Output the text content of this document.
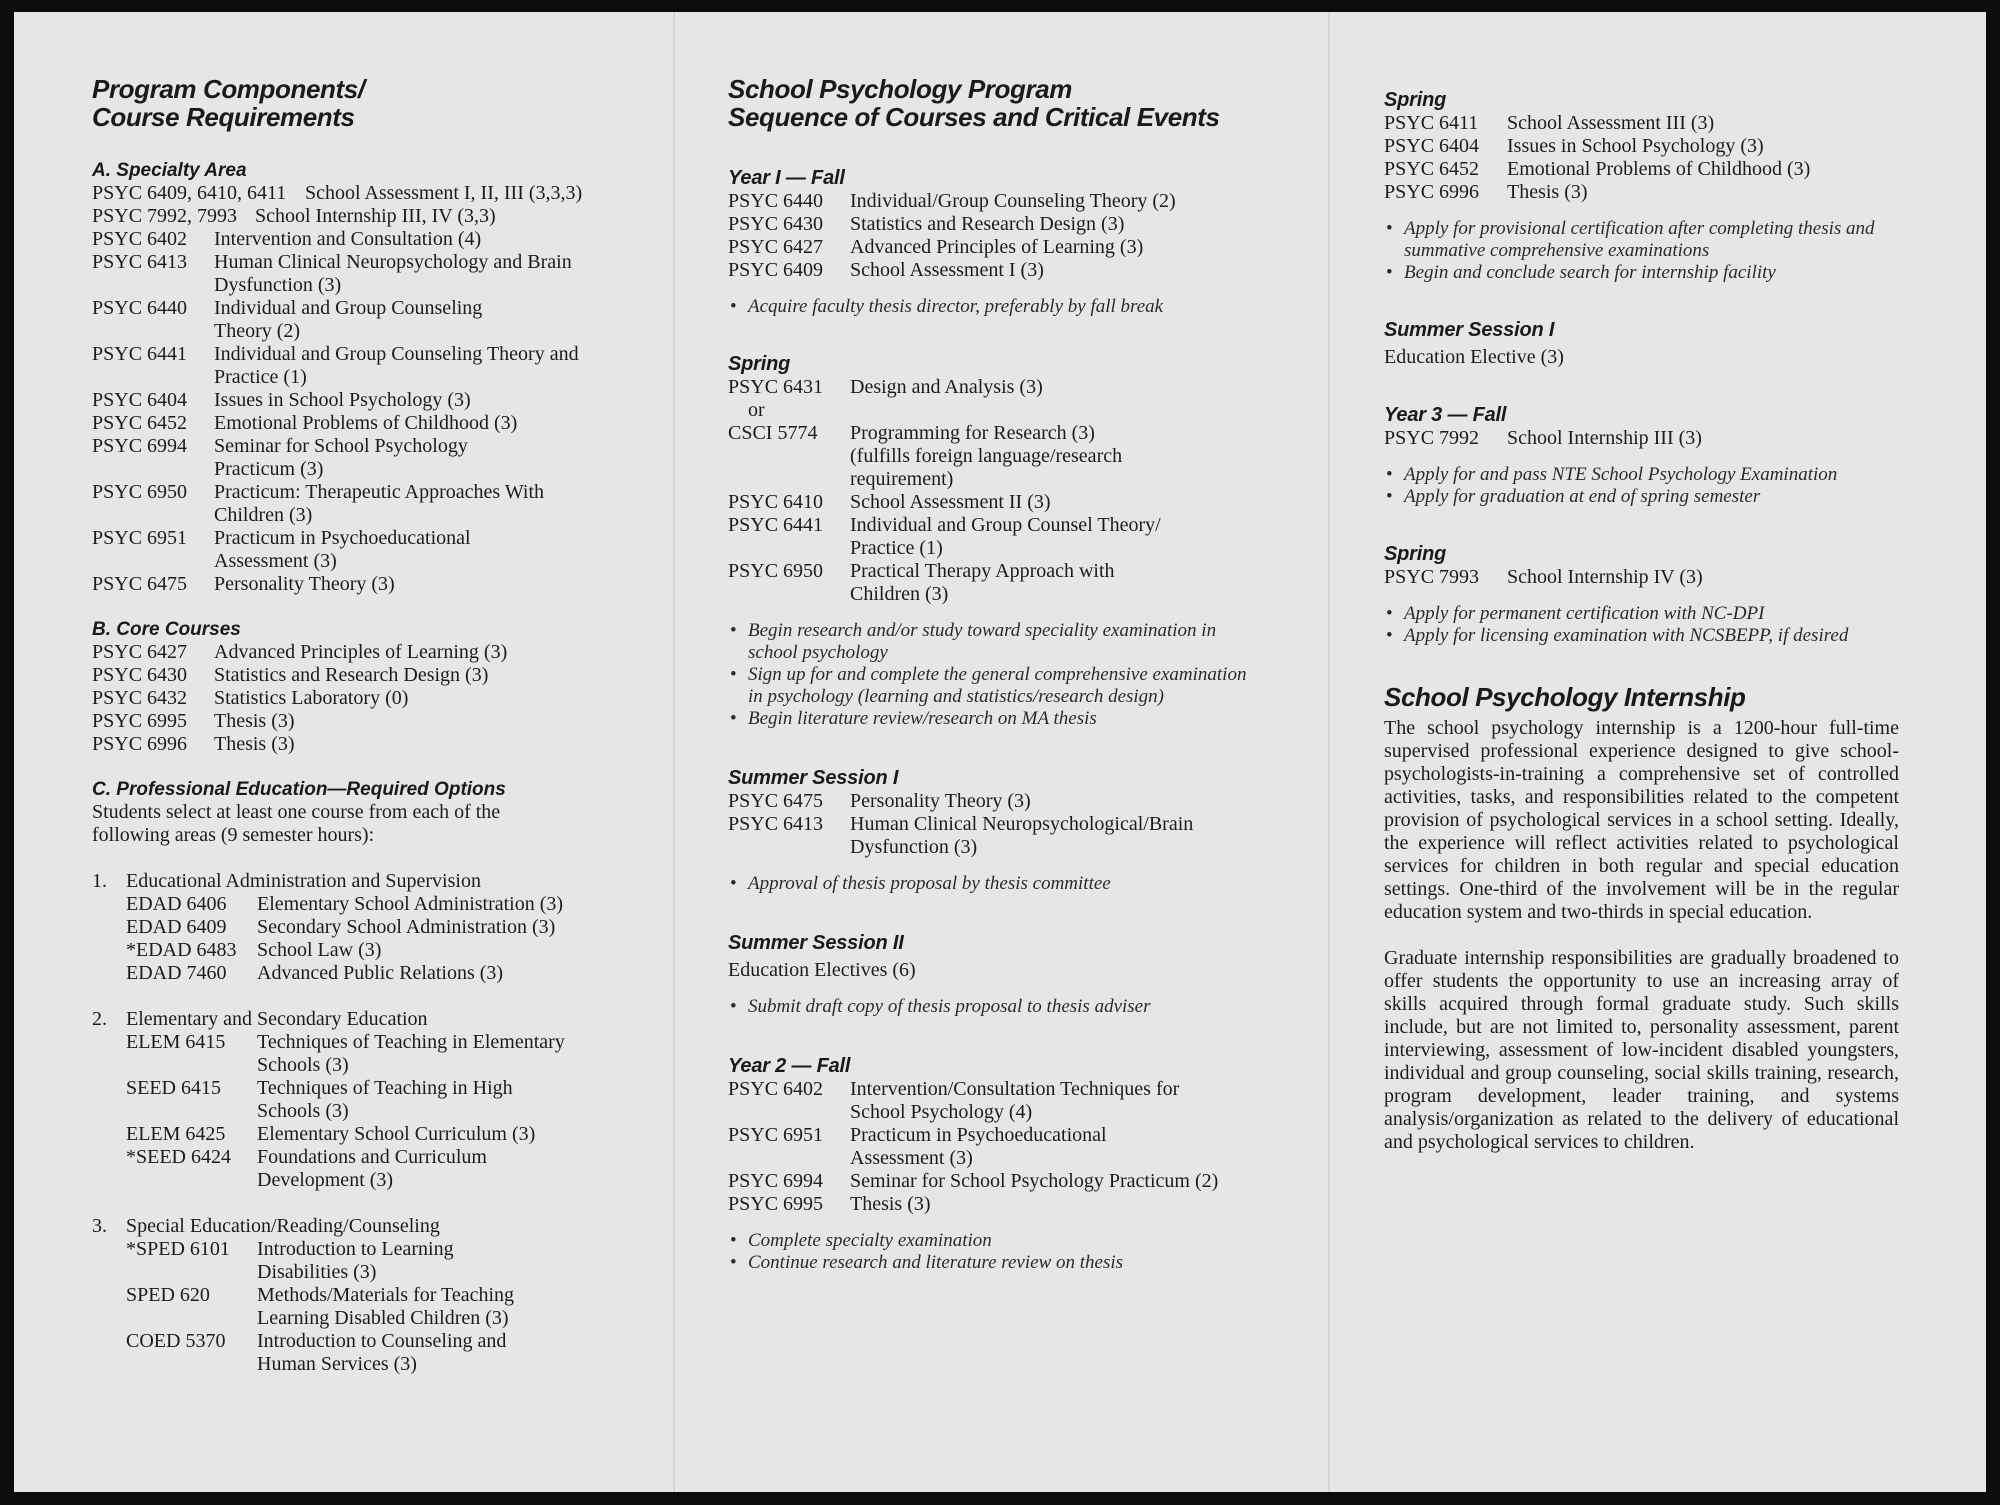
Program Components/
Course Requirements
A. Specialty Area
PSYC 6409, 6410, 6411 School Assessment I, II, III (3,3,3)
PSYC 7992, 7993 School Internship III, IV (3,3)
PSYC 6402	Intervention and Consultation (4)
PSYC 6413	Human Clinical Neuropsychology and Brain Dysfunction (3)
PSYC 6440	Individual and Group Counseling Theory (2)
PSYC 6441	Individual and Group Counseling Theory and Practice (1)
PSYC 6404	Issues in School Psychology (3)
PSYC 6452	Emotional Problems of Childhood (3)
PSYC 6994	Seminar for School Psychology Practicum (3)
PSYC 6950	Practicum: Therapeutic Approaches With Children (3)
PSYC 6951	Practicum in Psychoeducational Assessment (3)
PSYC 6475	Personality Theory (3)
B. Core Courses
PSYC 6427	Advanced Principles of Learning (3)
PSYC 6430	Statistics and Research Design (3)
PSYC 6432	Statistics Laboratory (0)
PSYC 6995	Thesis (3)
PSYC 6996	Thesis (3)
C. Professional Education—Required Options

Students select at least one course from each of the following areas (9 semester hours):

1. Educational Administration and Supervision
EDAD 6406	Elementary School Administration (3)
EDAD 6409	Secondary School Administration (3)
*EDAD 6483	School Law (3)
EDAD 7460	Advanced Public Relations (3)
2. Elementary and Secondary Education
ELEM 6415	Techniques of Teaching in Elementary Schools (3)
SEED 6415	Techniques of Teaching in High Schools (3)
ELEM 6425	Elementary School Curriculum (3)
*SEED 6424	Foundations and Curriculum Development (3)
3. Special Education/Reading/Counseling
*SPED 6101	Introduction to Learning Disabilities (3)
SPED 620	Methods/Materials for Teaching Learning Disabled Children (3)
COED 5370	Introduction to Counseling and Human Services (3)
School Psychology Program
Sequence of Courses and Critical Events
Year I — Fall
PSYC 6440	Individual/Group Counseling Theory (2)
PSYC 6430	Statistics and Research Design (3)
PSYC 6427	Advanced Principles of Learning (3)
PSYC 6409	School Assessment I (3)
• Acquire faculty thesis director, preferably by fall break
Spring
PSYC 6431	Design and Analysis (3)
or
CSCI 5774	Programming for Research (3)
(fulfills foreign language/research requirement)
PSYC 6410	School Assessment II (3)
PSYC 6441	Individual and Group Counsel Theory/ Practice (1)
PSYC 6950	Practical Therapy Approach with Children (3)
• Begin research and/or study toward speciality examination in school psychology
• Sign up for and complete the general comprehensive examination in psychology (learning and statistics/research design)
• Begin literature review/research on MA thesis
Summer Session I
PSYC 6475	Personality Theory (3)
PSYC 6413	Human Clinical Neuropsychological/Brain Dysfunction (3)
• Approval of thesis proposal by thesis committee
Summer Session II
Education Electives (6)
• Submit draft copy of thesis proposal to thesis adviser
Year 2 — Fall
PSYC 6402	Intervention/Consultation Techniques for School Psychology (4)
PSYC 6951	Practicum in Psychoeducational Assessment (3)
PSYC 6994	Seminar for School Psychology Practicum (2)
PSYC 6995	Thesis (3)
• Complete specialty examination
• Continue research and literature review on thesis
Spring
PSYC 6411	School Assessment III (3)
PSYC 6404	Issues in School Psychology (3)
PSYC 6452	Emotional Problems of Childhood (3)
PSYC 6996	Thesis (3)
• Apply for provisional certification after completing thesis and summative comprehensive examinations
• Begin and conclude search for internship facility
Summer Session I
Education Elective (3)
Year 3 — Fall
PSYC 7992	School Internship III (3)
• Apply for and pass NTE School Psychology Examination
• Apply for graduation at end of spring semester
Spring
PSYC 7993	School Internship IV (3)
• Apply for permanent certification with NC-DPI
• Apply for licensing examination with NCSBEPP, if desired
School Psychology Internship

The school psychology internship is a 1200-hour full-time supervised professional experience designed to give school-psychologists-in-training a comprehensive set of controlled activities, tasks, and responsibilities related to the competent provision of psychological services in a school setting. Ideally, the experience will reflect activities related to psychological services for children in both regular and special education settings. One-third of the involvement will be in the regular education system and two-thirds in special education.

Graduate internship responsibilities are gradually broadened to offer students the opportunity to use an increasing array of skills acquired through formal graduate study. Such skills include, but are not limited to, personality assessment, parent interviewing, assessment of low-incident disabled youngsters, individual and group counseling, social skills training, research, program development, leader training, and systems analysis/organization as related to the delivery of educational and psychological services to children.
